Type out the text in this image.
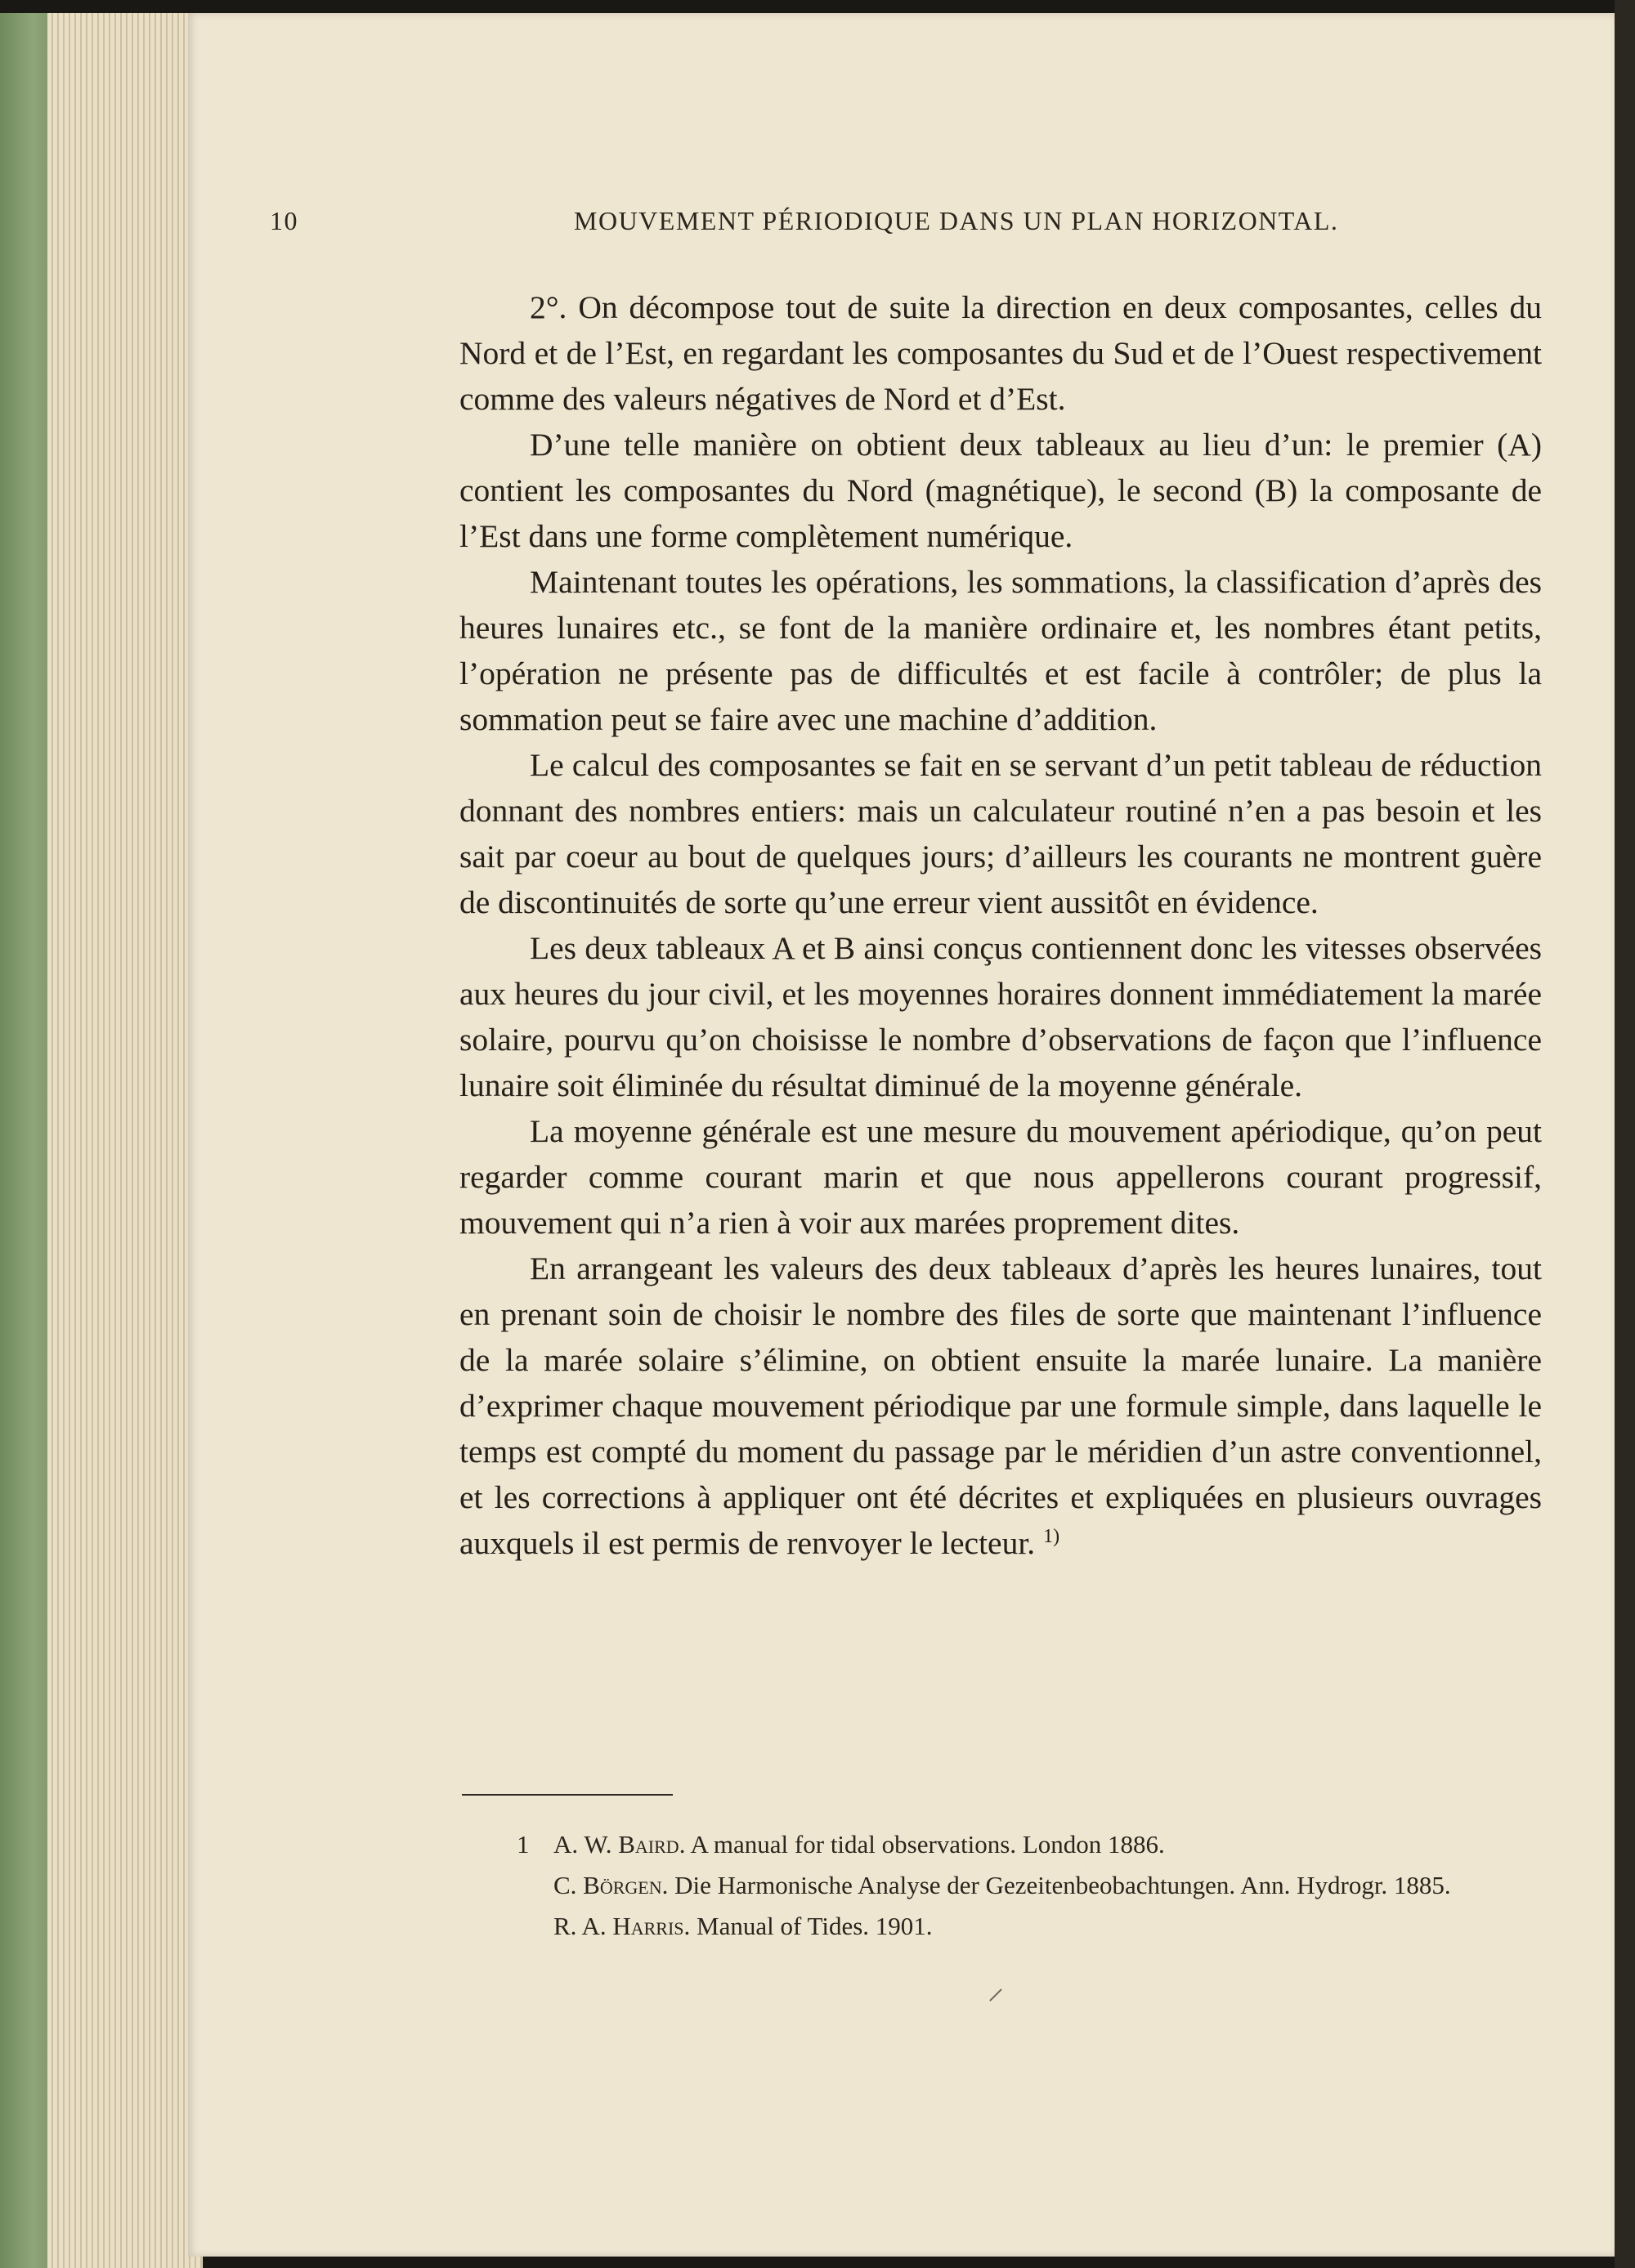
10	MOUVEMENT PÉRIODIQUE DANS UN PLAN HORIZONTAL.

2°. On décompose tout de suite la direction en deux composantes, celles du Nord et de l’Est, en regardant les composantes du Sud et de l’Ouest respectivement comme des valeurs négatives de Nord et d’Est.

D’une telle manière on obtient deux tableaux au lieu d’un: le premier (A) contient les composantes du Nord (magnétique), le second (B) la composante de l’Est dans une forme complètement numérique.

Maintenant toutes les opérations, les sommations, la classification d’après des heures lunaires etc., se font de la manière ordinaire et, les nombres étant petits, l’opération ne présente pas de difficultés et est facile à contrôler; de plus la sommation peut se faire avec une machine d’addition.

Le calcul des composantes se fait en se servant d’un petit tableau de réduction donnant des nombres entiers: mais un calculateur routiné n’en a pas besoin et les sait par coeur au bout de quelques jours; d’ailleurs les courants ne montrent guère de discontinuités de sorte qu’une erreur vient aussitôt en évidence.

Les deux tableaux A et B ainsi conçus contiennent donc les vitesses observées aux heures du jour civil, et les moyennes horaires donnent immédiatement la marée solaire, pourvu qu’on choisisse le nombre d’observations de façon que l’influence lunaire soit éliminée du résultat diminué de la moyenne générale.

La moyenne générale est une mesure du mouvement apériodique, qu’on peut regarder comme courant marin et que nous appellerons courant progressif, mouvement qui n’a rien à voir aux marées proprement dites.

En arrangeant les valeurs des deux tableaux d’après les heures lunaires, tout en prenant soin de choisir le nombre des files de sorte que maintenant l’influence de la marée solaire s’élimine, on obtient ensuite la marée lunaire. La manière d’exprimer chaque mouvement périodique par une formule simple, dans laquelle le temps est compté du moment du passage par le méridien d’un astre conventionnel, et les corrections à appliquer ont été décrites et expliquées en plusieurs ouvrages auxquels il est permis de renvoyer le lecteur. $^{1)}$

1 A. W. Baird. A manual for tidal observations. London 1886.
C. Börgen. Die Harmonische Analyse der Gezeitenbeobachtungen. Ann. Hydrogr. 1885.
R. A. Harris. Manual of Tides. 1901.
